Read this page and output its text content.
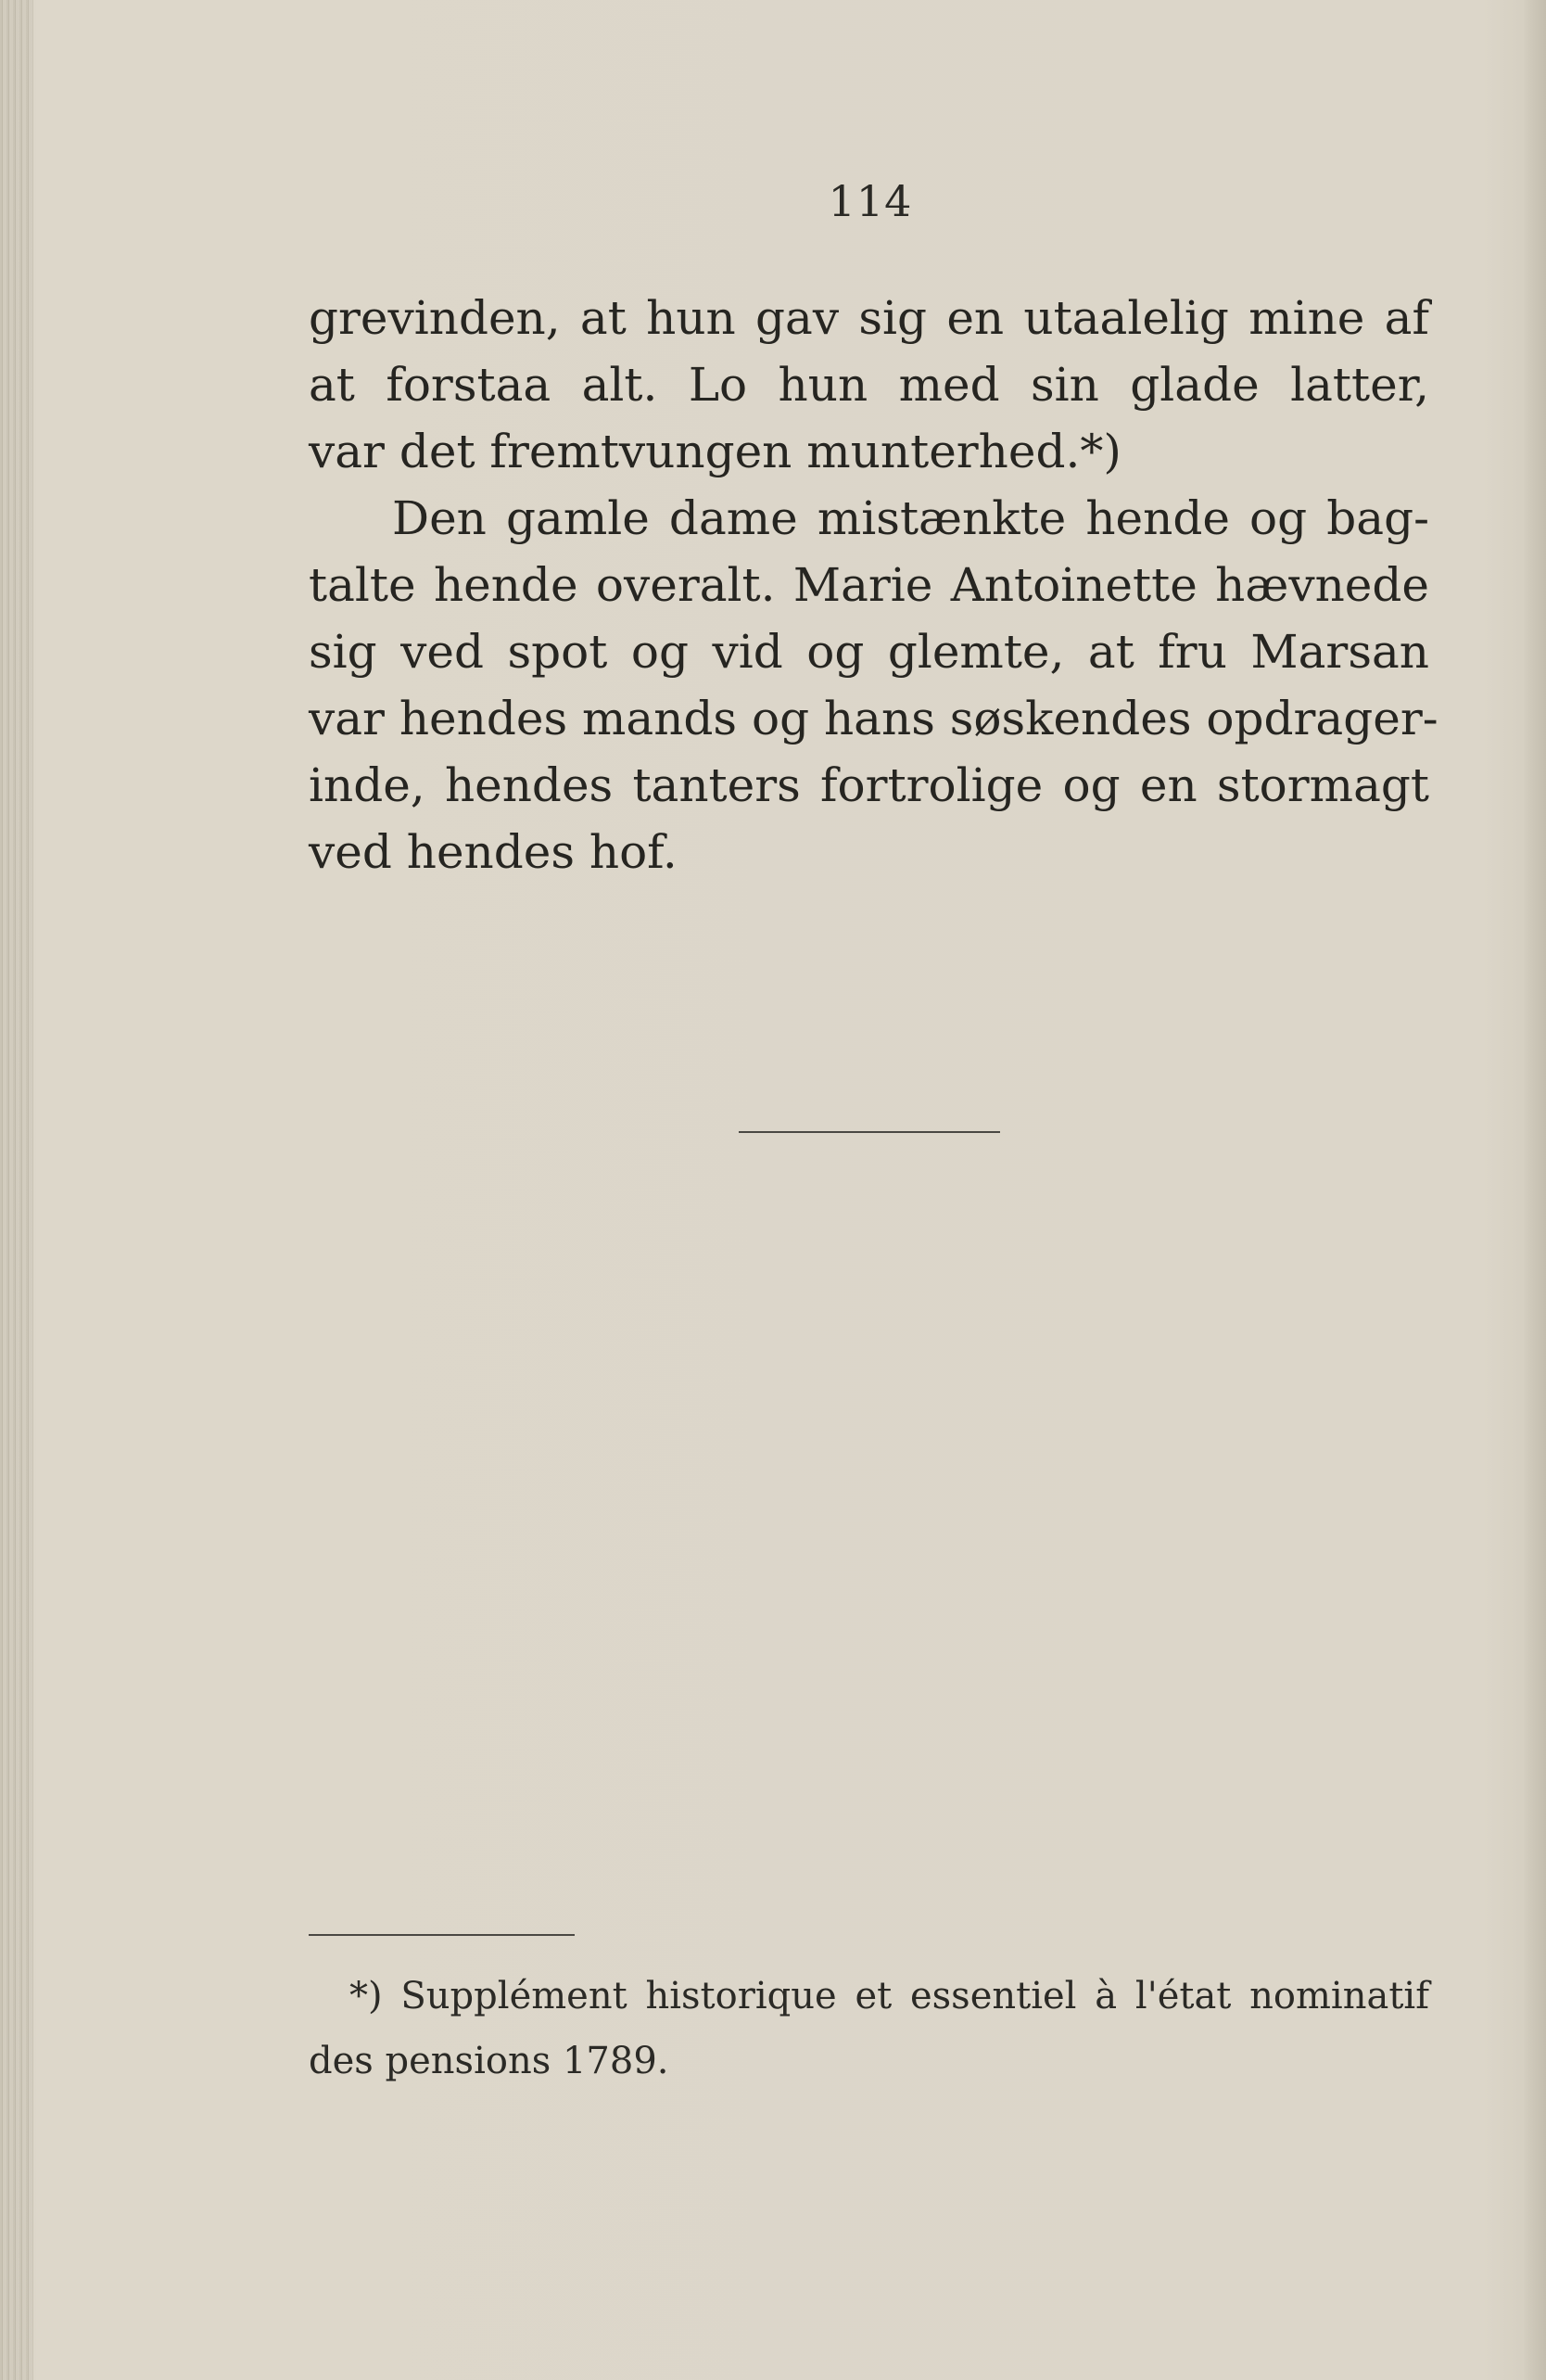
114
grevinden, at hun gav sig en utaalelig mine af
at forstaa alt. Lo hun med sin glade latter,
var det fremtvungen munterhed.*)
Den gamle dame mistænkte hende og bag-
talte hende overalt. Marie Antoinette hævnede
sig ved spot og vid og glemte, at fru Marsan
var hendes mands og hans søskendes opdrager-
inde, hendes tanters fortrolige og en stormagt
ved hendes hof.
*) Supplément historique et essentiel à l'état nominatif
des pensions 1789.
